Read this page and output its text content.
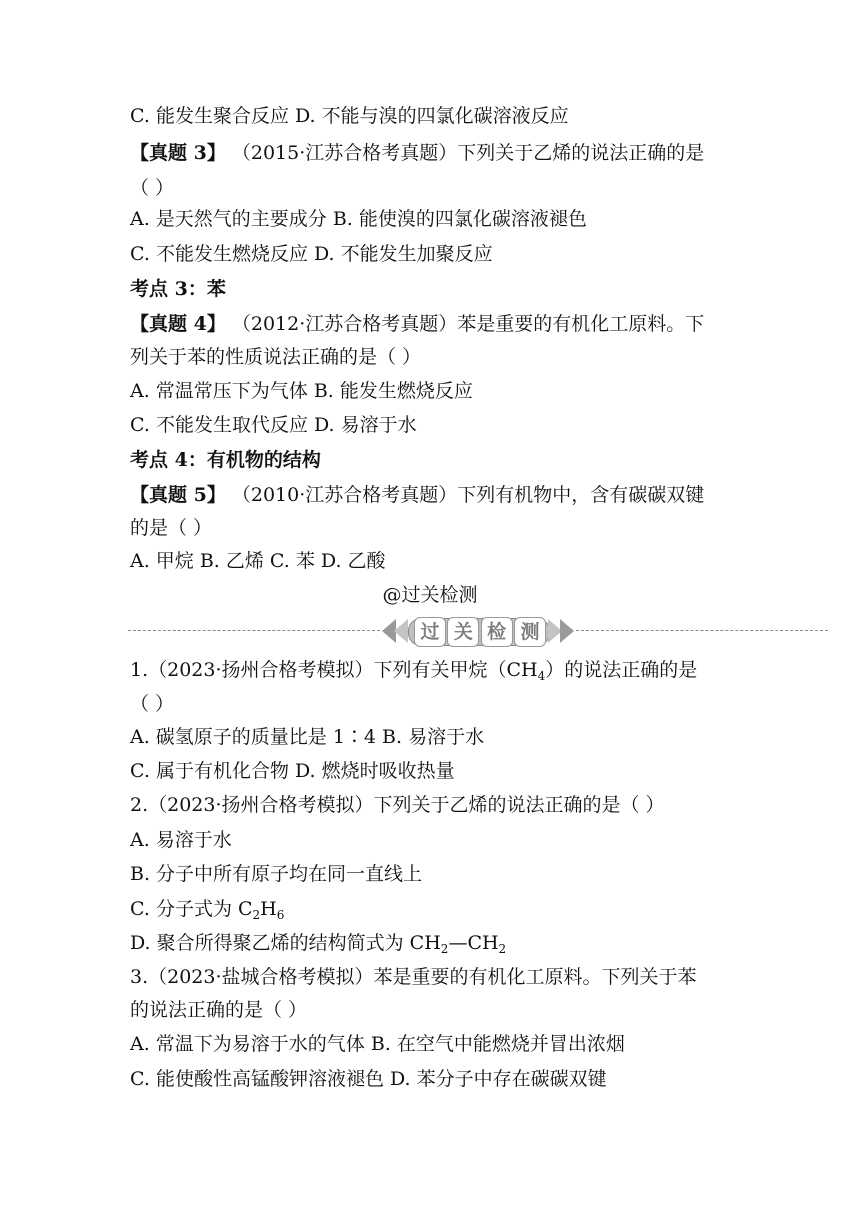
C. 能发生聚合反应 D. 不能与溴的四氯化碳溶液反应
【真题 3】 （2015·江苏合格考真题）下列关于乙烯的说法正确的是
（ ）
A. 是天然气的主要成分 B. 能使溴的四氯化碳溶液褪色
C. 不能发生燃烧反应 D. 不能发生加聚反应
考点 3：苯
【真题 4】 （2012·江苏合格考真题）苯是重要的有机化工原料。下
列关于苯的性质说法正确的是（ ）
A. 常温常压下为气体 B. 能发生燃烧反应
C. 不能发生取代反应 D. 易溶于水
考点 4：有机物的结构
【真题 5】 （2010·江苏合格考真题）下列有机物中，含有碳碳双键
的是（ ）
A. 甲烷 B. 乙烯 C. 苯 D. 乙酸
@过关检测
过 关 检 测
1.（2023·扬州合格考模拟）下列有关甲烷$(CH_4)$的说法正确的是
（ ）
A. 碳氢原子的质量比是 1∶4 B. 易溶于水
C. 属于有机化合物 D. 燃烧时吸收热量
2.（2023·扬州合格考模拟）下列关于乙烯的说法正确的是（ ）
A. 易溶于水
B. 分子中所有原子均在同一直线上
C. 分子式为 $C_2H_6$
D. 聚合所得聚乙烯的结构简式为 $CH_2—CH_2$
3.（2023·盐城合格考模拟）苯是重要的有机化工原料。下列关于苯
的说法正确的是（ ）
A. 常温下为易溶于水的气体 B. 在空气中能燃烧并冒出浓烟
C. 能使酸性高锰酸钾溶液褪色 D. 苯分子中存在碳碳双键
